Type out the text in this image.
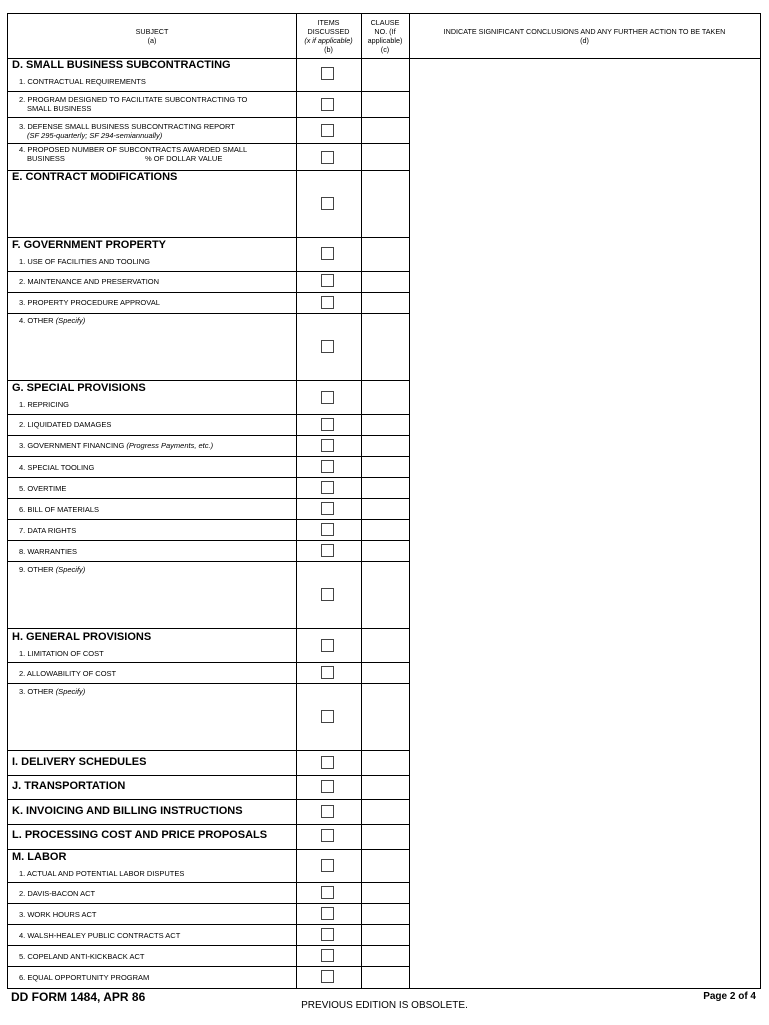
SUBJECT
(a)
ITEMS
DISCUSSED
(x if applicable)
(b)
CLAUSE
NO. (If
applicable)
(c)
INDICATE SIGNIFICANT CONCLUSIONS AND ANY FURTHER ACTION TO BE TAKEN
(d)
D. SMALL BUSINESS SUBCONTRACTING
1. CONTRACTUAL REQUIREMENTS
2. PROGRAM DESIGNED TO FACILITATE SUBCONTRACTING TO
SMALL BUSINESS
3. DEFENSE SMALL BUSINESS SUBCONTRACTING REPORT
(SF 295-quarterly; SF 294-semiannually)
4. PROPOSED NUMBER OF SUBCONTRACTS AWARDED SMALL
BUSINESS	% OF DOLLAR VALUE
E. CONTRACT MODIFICATIONS
F. GOVERNMENT PROPERTY
1. USE OF FACILITIES AND TOOLING
2. MAINTENANCE AND PRESERVATION
3. PROPERTY PROCEDURE APPROVAL
4. OTHER (Specify)
G. SPECIAL PROVISIONS
1. REPRICING
2. LIQUIDATED DAMAGES
3. GOVERNMENT FINANCING (Progress Payments, etc.)
4. SPECIAL TOOLING
5. OVERTIME
6. BILL OF MATERIALS
7. DATA RIGHTS
8. WARRANTIES
9. OTHER (Specify)
H. GENERAL PROVISIONS
1. LIMITATION OF COST
2. ALLOWABILITY OF COST
3. OTHER (Specify)
I. DELIVERY SCHEDULES
J. TRANSPORTATION
K. INVOICING AND BILLING INSTRUCTIONS
L. PROCESSING COST AND PRICE PROPOSALS
M. LABOR
1. ACTUAL AND POTENTIAL LABOR DISPUTES
2. DAVIS-BACON ACT
3. WORK HOURS ACT
4. WALSH-HEALEY PUBLIC CONTRACTS ACT
5. COPELAND ANTI-KICKBACK ACT
6. EQUAL OPPORTUNITY PROGRAM
DD FORM 1484, APR 86
PREVIOUS EDITION IS OBSOLETE.
Page 2 of 4
